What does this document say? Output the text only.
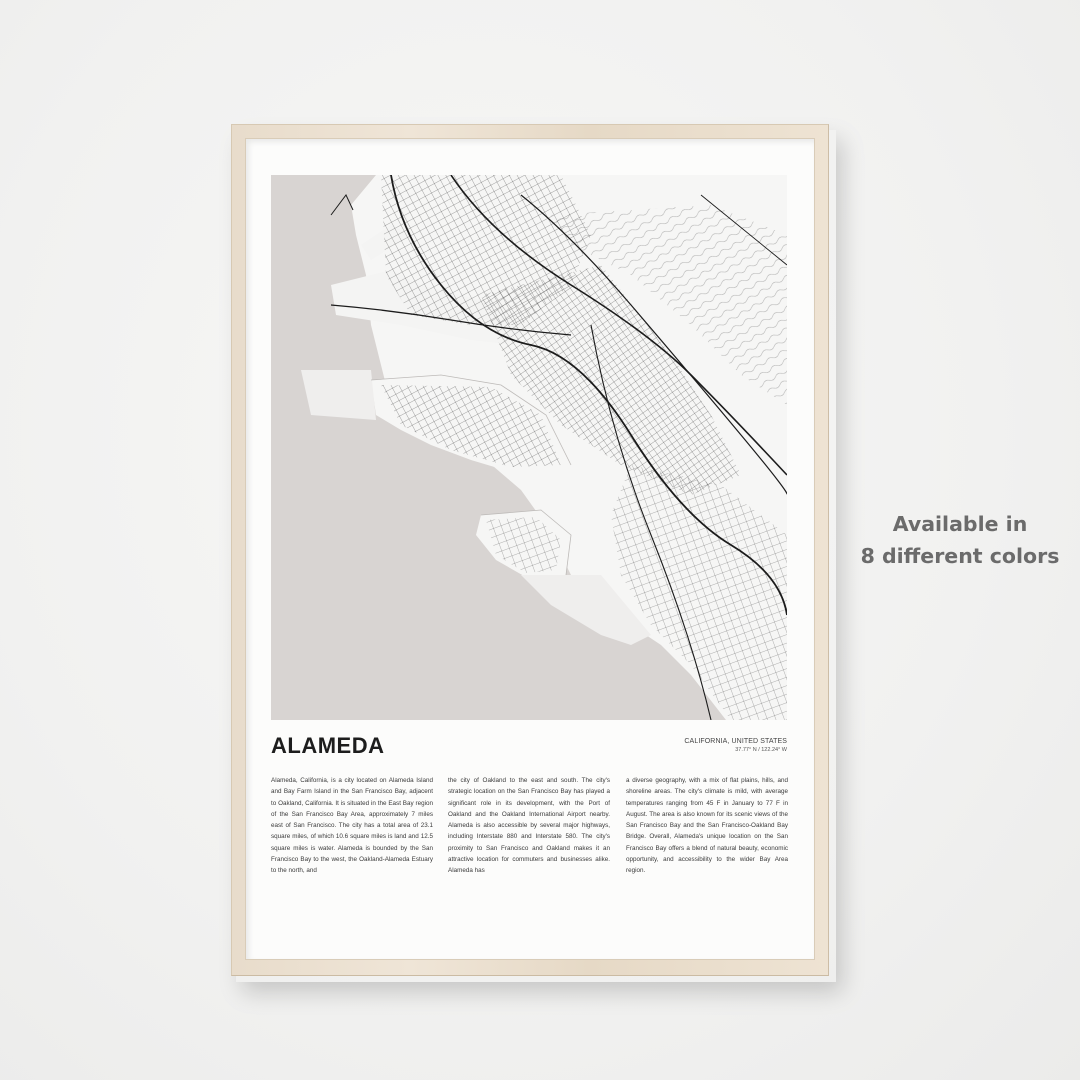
ALAMEDA	CALIFORNIA, UNITED STATES
37.77° N / 122.24° W

Alameda, California, is a city located on Alameda Island and Bay Farm Island in the San Francisco Bay, adjacent to Oakland, California. It is situated in the East Bay region of the San Francisco Bay Area, approximately 7 miles east of San Francisco. The city has a total area of 23.1 square miles, of which 10.6 square miles is land and 12.5 square miles is water. Alameda is bounded by the San Francisco Bay to the west, the Oakland-Alameda Estuary to the north, and

the city of Oakland to the east and south. The city's strategic location on the San Francisco Bay has played a significant role in its development, with the Port of Oakland and the Oakland International Airport nearby. Alameda is also accessible by several major highways, including Interstate 880 and Interstate 580. The city's proximity to San Francisco and Oakland makes it an attractive location for commuters and businesses alike. Alameda has

a diverse geography, with a mix of flat plains, hills, and shoreline areas. The city's climate is mild, with average temperatures ranging from 45 F in January to 77 F in August. The area is also known for its scenic views of the San Francisco Bay and the San Francisco-Oakland Bay Bridge. Overall, Alameda's unique location on the San Francisco Bay offers a blend of natural beauty, economic opportunity, and accessibility to the wider Bay Area region.

Available in
8 different colors
